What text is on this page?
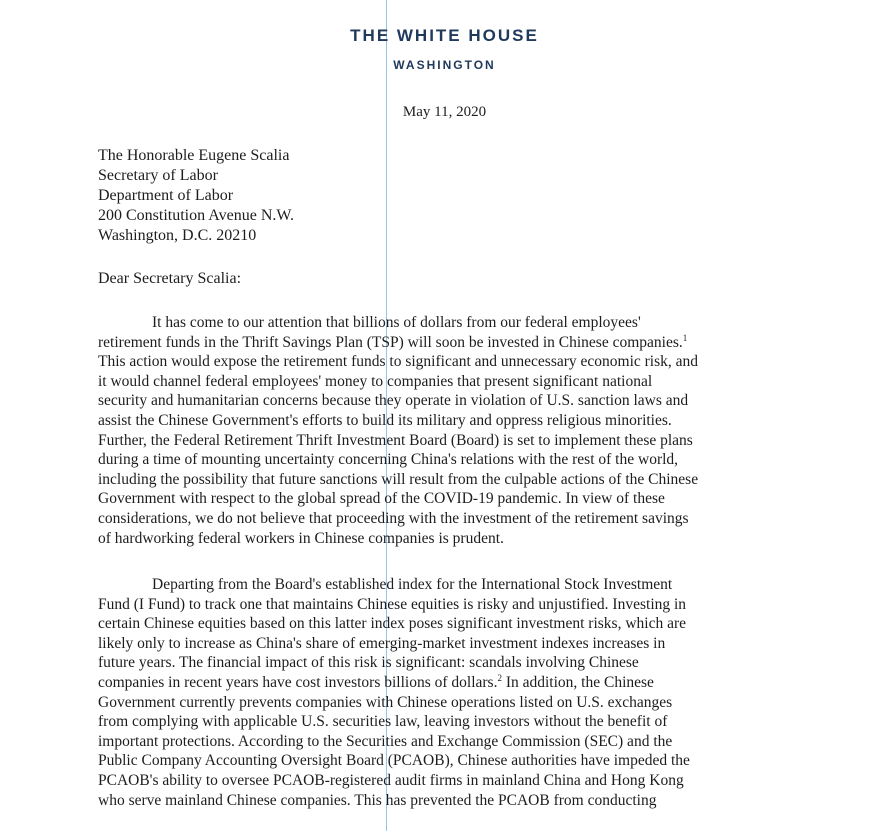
THE WHITE HOUSE
WASHINGTON
May 11, 2020
The Honorable Eugene Scalia
Secretary of Labor
Department of Labor
200 Constitution Avenue N.W.
Washington, D.C. 20210
Dear Secretary Scalia:
It has come to our attention that billions of dollars from our federal employees'
retirement funds in the Thrift Savings Plan (TSP) will soon be invested in Chinese companies.$^1$
This action would expose the retirement funds to significant and unnecessary economic risk, and
it would channel federal employees' money to companies that present significant national
security and humanitarian concerns because they operate in violation of U.S. sanction laws and
assist the Chinese Government's efforts to build its military and oppress religious minorities.
Further, the Federal Retirement Thrift Investment Board (Board) is set to implement these plans
during a time of mounting uncertainty concerning China's relations with the rest of the world,
including the possibility that future sanctions will result from the culpable actions of the Chinese
Government with respect to the global spread of the COVID-19 pandemic. In view of these
considerations, we do not believe that proceeding with the investment of the retirement savings
of hardworking federal workers in Chinese companies is prudent.
Departing from the Board's established index for the International Stock Investment
Fund (I Fund) to track one that maintains Chinese equities is risky and unjustified. Investing in
certain Chinese equities based on this latter index poses significant investment risks, which are
likely only to increase as China's share of emerging-market investment indexes increases in
future years. The financial impact of this risk is significant: scandals involving Chinese
companies in recent years have cost investors billions of dollars.$^2$ In addition, the Chinese
Government currently prevents companies with Chinese operations listed on U.S. exchanges
from complying with applicable U.S. securities law, leaving investors without the benefit of
important protections. According to the Securities and Exchange Commission (SEC) and the
Public Company Accounting Oversight Board (PCAOB), Chinese authorities have impeded the
PCAOB's ability to oversee PCAOB-registered audit firms in mainland China and Hong Kong
who serve mainland Chinese companies. This has prevented the PCAOB from conducting
